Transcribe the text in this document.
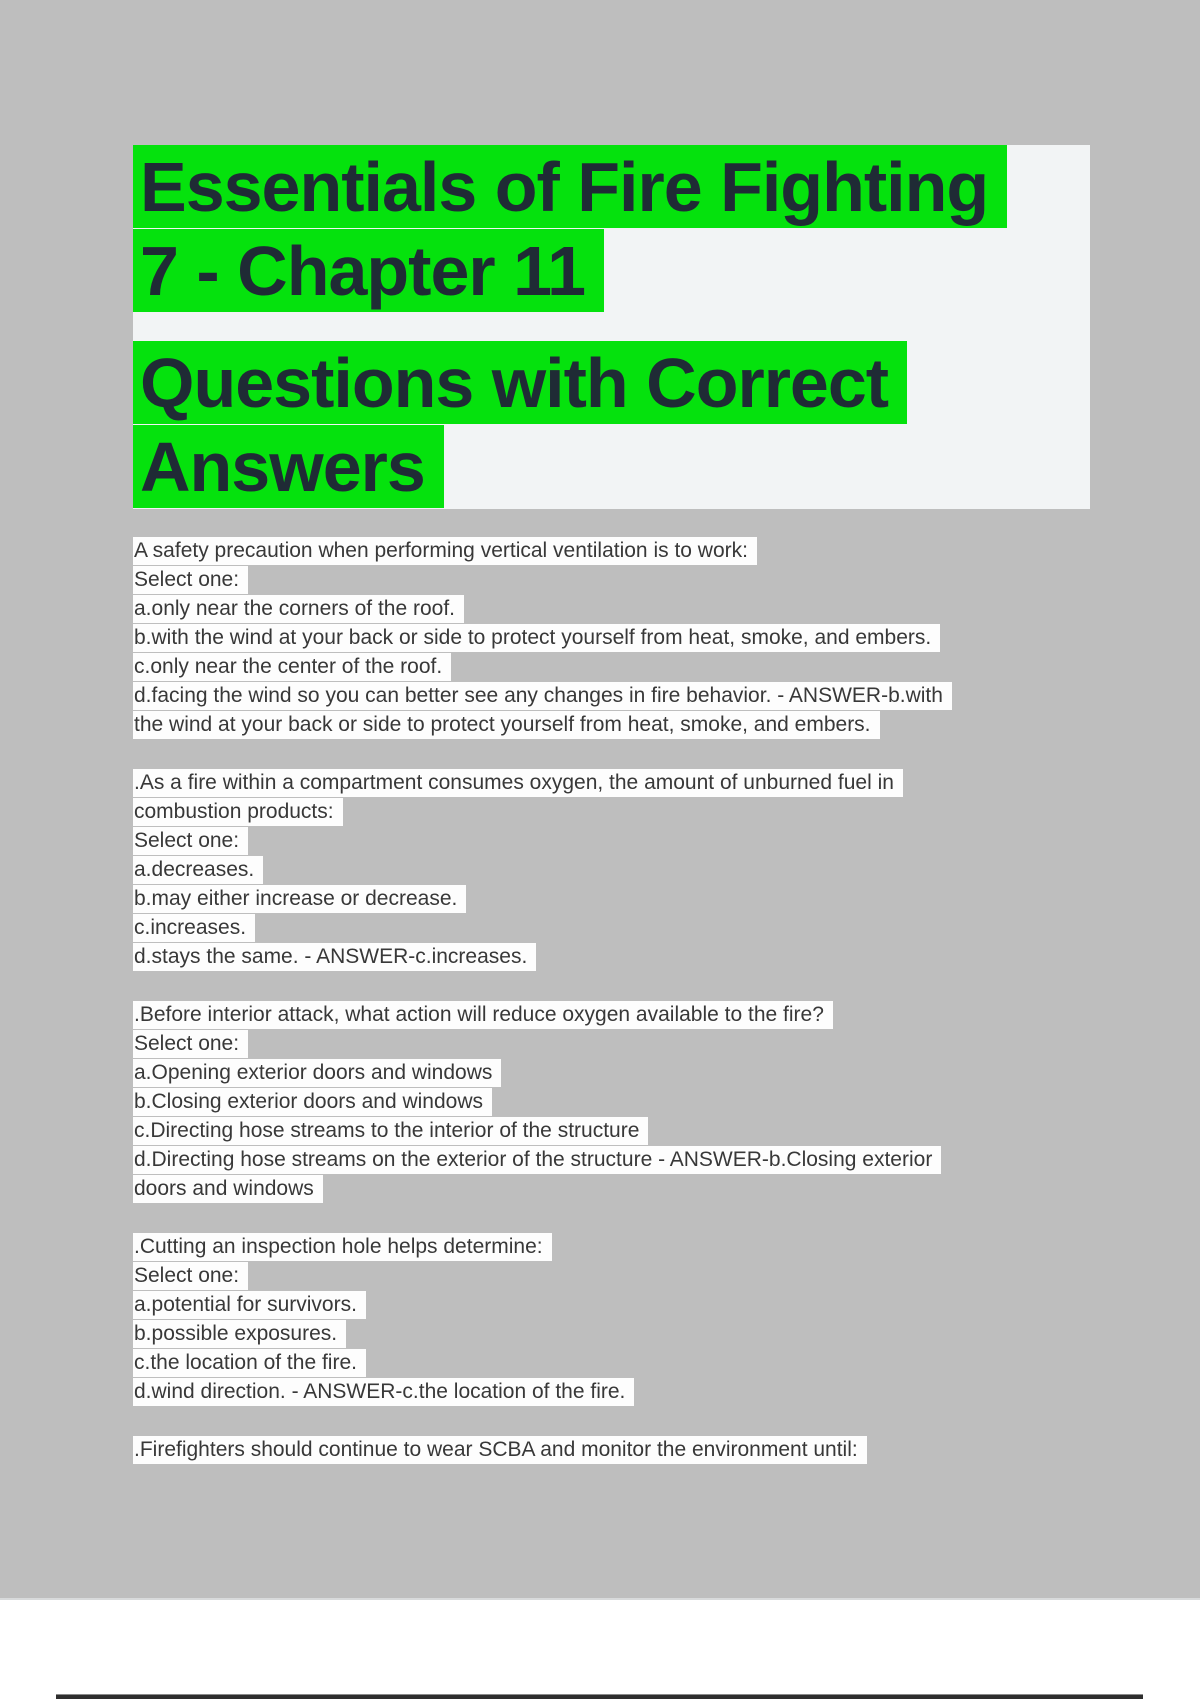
Essentials of Fire Fighting
7 - Chapter 11
Questions with Correct
Answers
A safety precaution when performing vertical ventilation is to work:
Select one:
a.only near the corners of the roof.
b.with the wind at your back or side to protect yourself from heat, smoke, and embers.
c.only near the center of the roof.
d.facing the wind so you can better see any changes in fire behavior. - ANSWER-b.with
the wind at your back or side to protect yourself from heat, smoke, and embers.
.As a fire within a compartment consumes oxygen, the amount of unburned fuel in
combustion products:
Select one:
a.decreases.
b.may either increase or decrease.
c.increases.
d.stays the same. - ANSWER-c.increases.
.Before interior attack, what action will reduce oxygen available to the fire?
Select one:
a.Opening exterior doors and windows
b.Closing exterior doors and windows
c.Directing hose streams to the interior of the structure
d.Directing hose streams on the exterior of the structure - ANSWER-b.Closing exterior
doors and windows
.Cutting an inspection hole helps determine:
Select one:
a.potential for survivors.
b.possible exposures.
c.the location of the fire.
d.wind direction. - ANSWER-c.the location of the fire.
.Firefighters should continue to wear SCBA and monitor the environment until:
